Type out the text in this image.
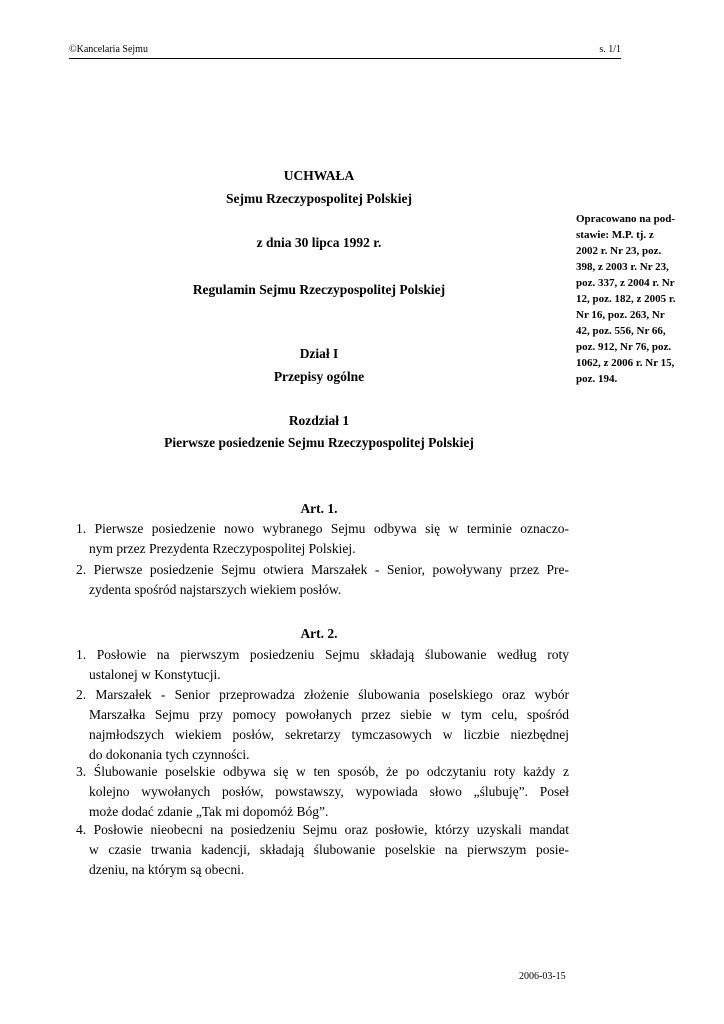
©Kancelaria Sejmu	s. 1/1
UCHWAŁA
Sejmu Rzeczypospolitej Polskiej
z dnia 30 lipca 1992 r.
Regulamin Sejmu Rzeczypospolitej Polskiej
Opracowano na pod-
stawie: M.P. tj. z
2002 r. Nr 23, poz.
398, z 2003 r. Nr 23,
poz. 337, z 2004 r. Nr
12, poz. 182, z 2005 r.
Nr 16, poz. 263, Nr
42, poz. 556, Nr 66,
poz. 912, Nr 76, poz.
1062, z 2006 r. Nr 15,
poz. 194.
Dział I
Przepisy ogólne
Rozdział 1
Pierwsze posiedzenie Sejmu Rzeczypospolitej Polskiej
Art. 1.
1. Pierwsze posiedzenie nowo wybranego Sejmu odbywa się w terminie oznaczo-
nym przez Prezydenta Rzeczypospolitej Polskiej.
2. Pierwsze posiedzenie Sejmu otwiera Marszałek - Senior, powoływany przez Pre-
zydenta spośród najstarszych wiekiem posłów.
Art. 2.
1. Posłowie na pierwszym posiedzeniu Sejmu składają ślubowanie według roty
ustalonej w Konstytucji.
2. Marszałek - Senior przeprowadza złożenie ślubowania poselskiego oraz wybór
Marszałka Sejmu przy pomocy powołanych przez siebie w tym celu, spośród
najmłodszych wiekiem posłów, sekretarzy tymczasowych w liczbie niezbędnej
do dokonania tych czynności.
3. Ślubowanie poselskie odbywa się w ten sposób, że po odczytaniu roty każdy z
kolejno wywołanych posłów, powstawszy, wypowiada słowo „ślubuję”. Poseł
może dodać zdanie „Tak mi dopomóż Bóg”.
4. Posłowie nieobecni na posiedzeniu Sejmu oraz posłowie, którzy uzyskali mandat
w czasie trwania kadencji, składają ślubowanie poselskie na pierwszym posie-
dzeniu, na którym są obecni.
2006-03-15
